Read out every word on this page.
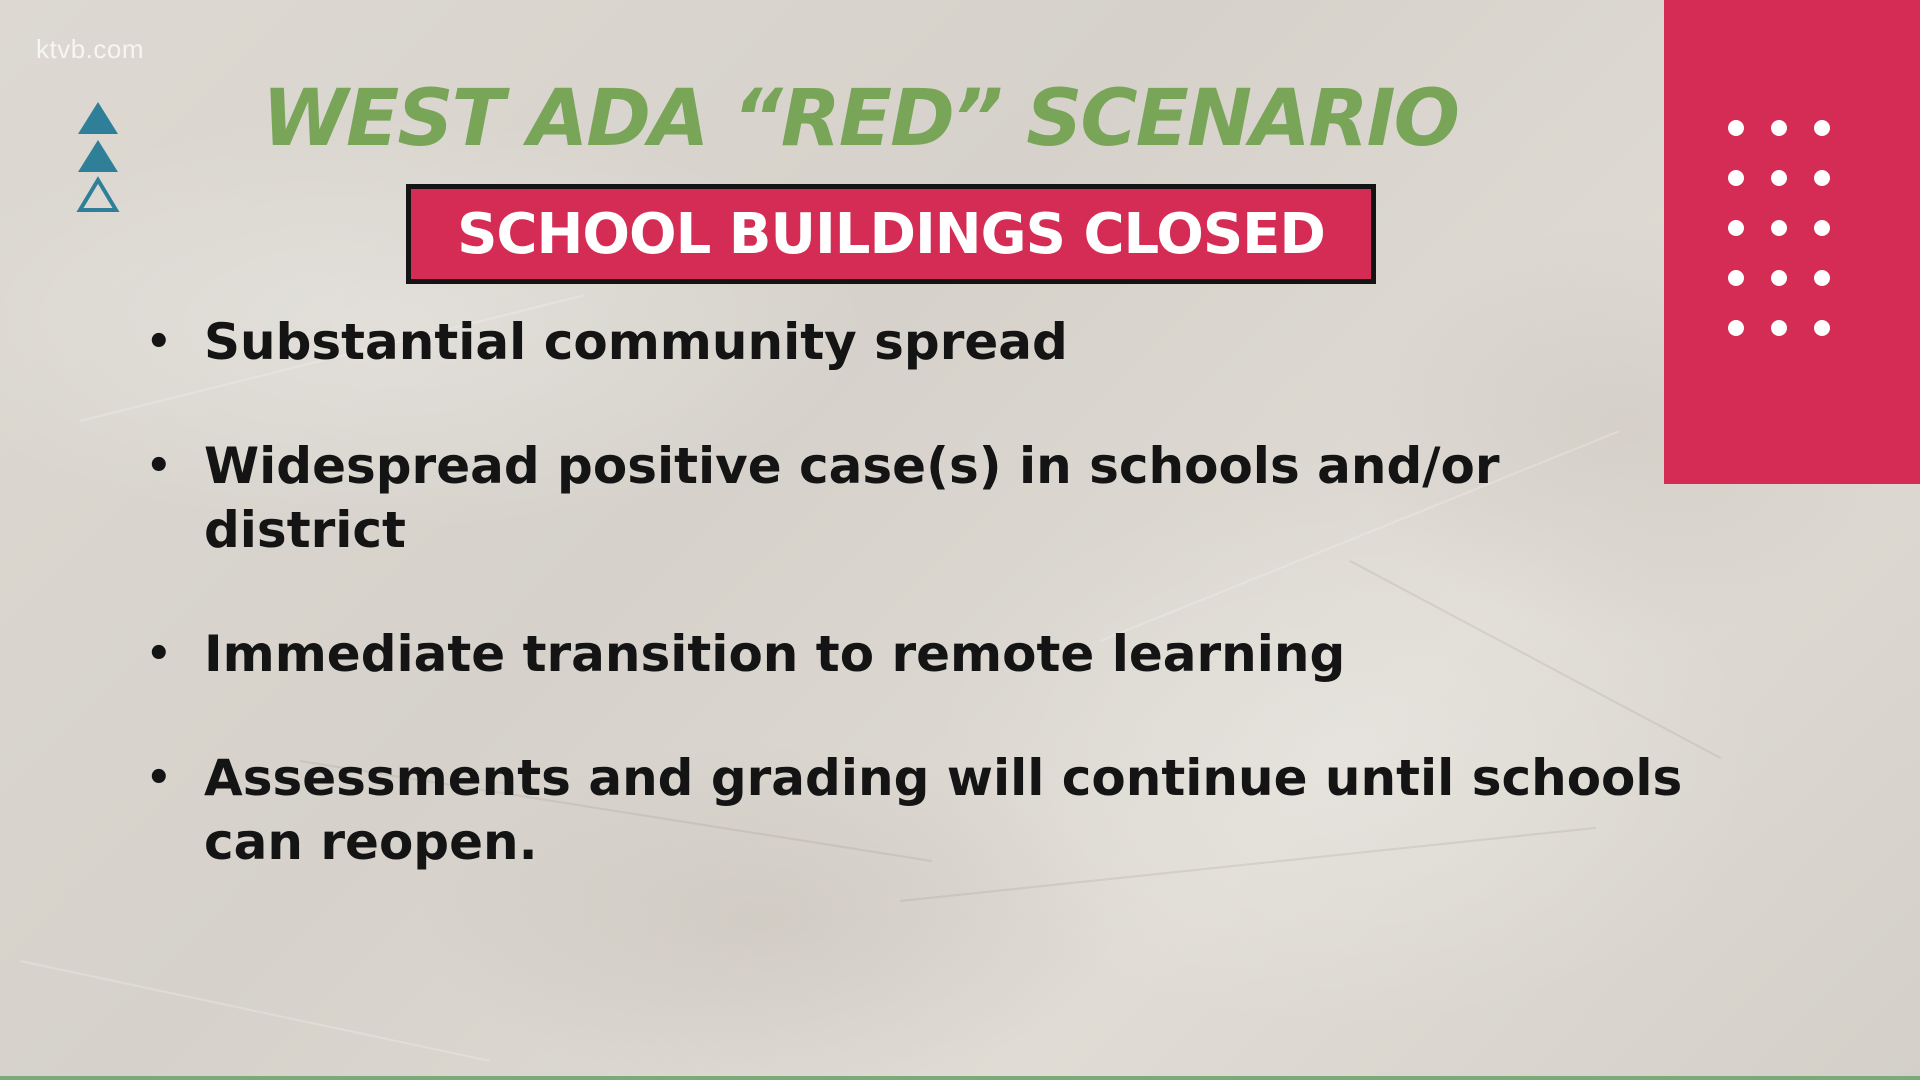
ktvb.com
WEST ADA “RED” SCENARIO
SCHOOL BUILDINGS CLOSED
• Substantial community spread
• Widespread positive case(s) in schools and/or district
• Immediate transition to remote learning
• Assessments and grading will continue until schools can reopen.
